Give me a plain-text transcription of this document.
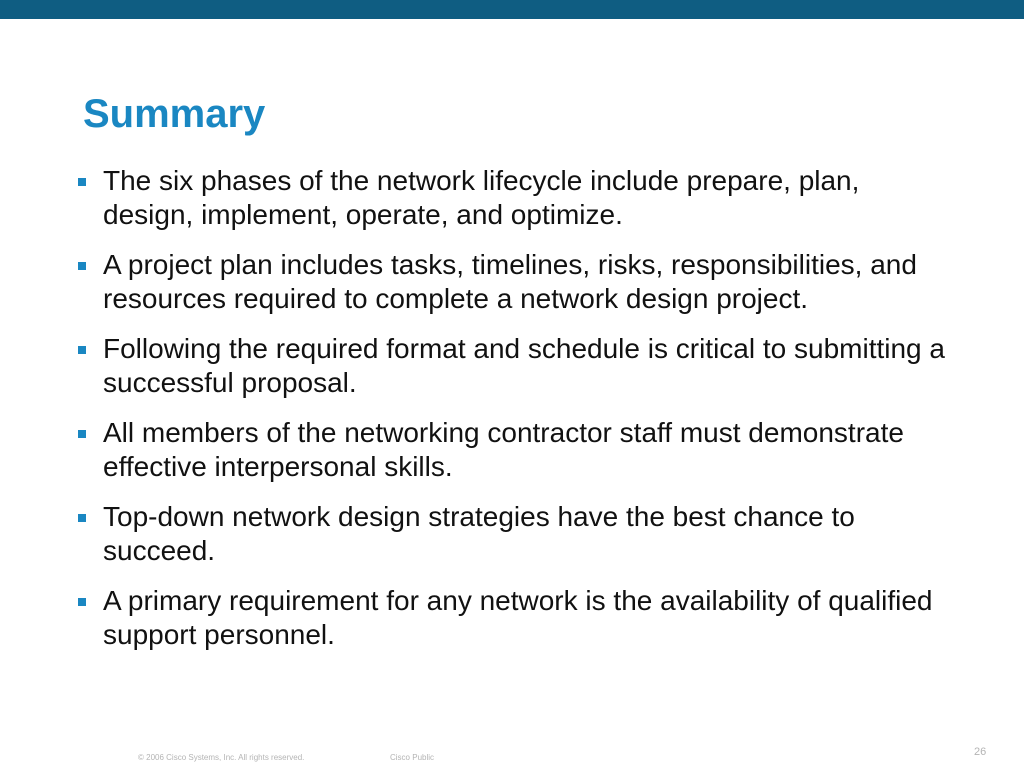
Summary
The six phases of the network lifecycle include prepare, plan, design, implement, operate, and optimize.
A project plan includes tasks, timelines, risks, responsibilities, and resources required to complete a network design project.
Following the required format and schedule is critical to submitting a successful proposal.
All members of the networking contractor staff must demonstrate effective interpersonal skills.
Top-down network design strategies have the best chance to succeed.
A primary requirement for any network is the availability of qualified support personnel.
© 2006 Cisco Systems, Inc. All rights reserved.	Cisco Public	26
